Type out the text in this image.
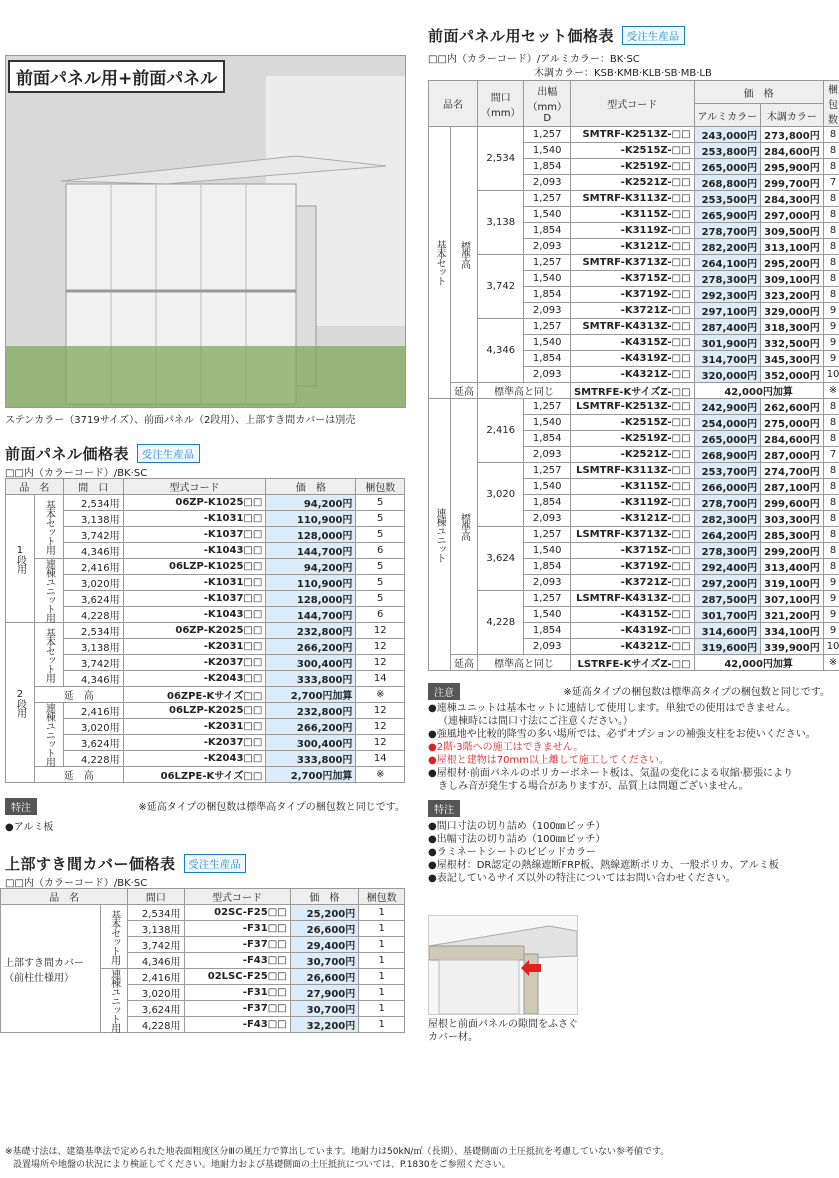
前面パネル用+前面パネル
ステンカラー（3719サイズ）、前面パネル（2段用）、上部すき間カバーは別売
前面パネル価格表	受注生産品
□□内（カラーコード）/BK·SC
品　名		間　口	型式コード	価　格	梱包数
1段用	基本セット用	2,534用	06ZP-K1025□□	94,200円	5
		3,138用	-K1031□□	110,900円	5
		3,742用	-K1037□□	128,000円	5
		4,346用	-K1043□□	144,700円	6
	連棟ユニット用	2,416用	06LZP-K1025□□	94,200円	5
		3,020用	-K1031□□	110,900円	5
		3,624用	-K1037□□	128,000円	5
		4,228用	-K1043□□	144,700円	6
2段用	基本セット用	2,534用	06ZP-K2025□□	232,800円	12
		3,138用	-K2031□□	266,200円	12
		3,742用	-K2037□□	300,400円	12
		4,346用	-K2043□□	333,800円	14
	延　高		06ZPE-Kサイズ□□	2,700円加算	※
	連棟ユニット用	2,416用	06LZP-K2025□□	232,800円	12
		3,020用	-K2031□□	266,200円	12
		3,624用	-K2037□□	300,400円	12
		4,228用	-K2043□□	333,800円	14
	延　高		06LZPE-Kサイズ□□	2,700円加算	※
特注	※延高タイプの梱包数は標準高タイプの梱包数と同じです。
●アルミ板
上部すき間カバー価格表	受注生産品
□□内（カラーコード）/BK·SC
品　名		間口	型式コード	価　格	梱包数
上部すき間カバー（前柱仕様用）	基本セット用	2,534用	02SC-F25□□	25,200円	1
		3,138用	-F31□□	26,600円	1
		3,742用	-F37□□	29,400円	1
		4,346用	-F43□□	30,700円	1
	連棟ユニット用	2,416用	02LSC-F25□□	26,600円	1
		3,020用	-F31□□	27,900円	1
		3,624用	-F37□□	30,700円	1
		4,228用	-F43□□	32,200円	1
前面パネル用セット価格表	受注生産品
□□内（カラーコード）/アルミカラー：BK·SC
木調カラー：KSB·KMB·KLB·SB·MB·LB
品名		間口（mm）	出幅（mm）D	型式コード	価　格		梱包数
					アルミカラー	木調カラー	
基本セット	標準高	2,534	1,257	SMTRF-K2513Z-□□	243,000円	273,800円	8
			1,540	-K2515Z-□□	253,800円	284,600円	8
			1,854	-K2519Z-□□	265,000円	295,900円	8
			2,093	-K2521Z-□□	268,800円	299,700円	7
		3,138	1,257	SMTRF-K3113Z-□□	253,500円	284,300円	8
			1,540	-K3115Z-□□	265,900円	297,000円	8
			1,854	-K3119Z-□□	278,700円	309,500円	8
			2,093	-K3121Z-□□	282,200円	313,100円	8
		3,742	1,257	SMTRF-K3713Z-□□	264,100円	295,200円	8
			1,540	-K3715Z-□□	278,300円	309,100円	8
			1,854	-K3719Z-□□	292,300円	323,200円	8
			2,093	-K3721Z-□□	297,100円	329,000円	9
		4,346	1,257	SMTRF-K4313Z-□□	287,400円	318,300円	9
			1,540	-K4315Z-□□	301,900円	332,500円	9
			1,854	-K4319Z-□□	314,700円	345,300円	9
			2,093	-K4321Z-□□	320,000円	352,000円	10
	延高	標準高と同じ		SMTRFE-KサイズZ-□□	42,000円加算		※
連棟ユニット	標準高	2,416	1,257	LSMTRF-K2513Z-□□	242,900円	262,600円	8
			1,540	-K2515Z-□□	254,000円	275,000円	8
			1,854	-K2519Z-□□	265,000円	284,600円	8
			2,093	-K2521Z-□□	268,900円	287,000円	7
		3,020	1,257	LSMTRF-K3113Z-□□	253,700円	274,700円	8
			1,540	-K3115Z-□□	266,000円	287,100円	8
			1,854	-K3119Z-□□	278,700円	299,600円	8
			2,093	-K3121Z-□□	282,300円	303,300円	8
		3,624	1,257	LSMTRF-K3713Z-□□	264,200円	285,300円	8
			1,540	-K3715Z-□□	278,300円	299,200円	8
			1,854	-K3719Z-□□	292,400円	313,400円	8
			2,093	-K3721Z-□□	297,200円	319,100円	9
		4,228	1,257	LSMTRF-K4313Z-□□	287,500円	307,100円	9
			1,540	-K4315Z-□□	301,700円	321,200円	9
			1,854	-K4319Z-□□	314,600円	334,100円	9
			2,093	-K4321Z-□□	319,600円	339,900円	10
	延高	標準高と同じ		LSTRFE-KサイズZ-□□	42,000円加算		※
注意	※延高タイプの梱包数は標準高タイプの梱包数と同じです。
●連棟ユニットは基本セットに連結して使用します。単独での使用はできません。
（連棟時には間口寸法にご注意ください。）
●強風地や比較的降雪の多い場所では、必ずオプションの補強支柱をお使いください。
●2階·3階への施工はできません。
●屋根と建物は70mm以上離して施工してください。
●屋根材·前面パネルのポリカーボネート板は、気温の変化による収縮·膨張により
きしみ音が発生する場合がありますが、品質上は問題ございません。
特注
●間口寸法の切り詰め（100㎜ピッチ）
●出幅寸法の切り詰め（100㎜ピッチ）
●ラミネートシートのビビッドカラー
●屋根材：DR認定の熱線遮断FRP板、熱線遮断ポリカ、一般ポリカ、アルミ板
●表記しているサイズ以外の特注についてはお問い合わせください。
屋根と前面パネルの隙間をふさぐカバー材。
※基礎寸法は、建築基準法で定められた地表面粗度区分Ⅲの風圧力で算出しています。地耐力は50kN/㎡（長期）、基礎側面の土圧抵抗を考慮していない参考値です。
設置場所や地盤の状況により検証してください。地耐力および基礎側面の土圧抵抗については、P.1830をご参照ください。
